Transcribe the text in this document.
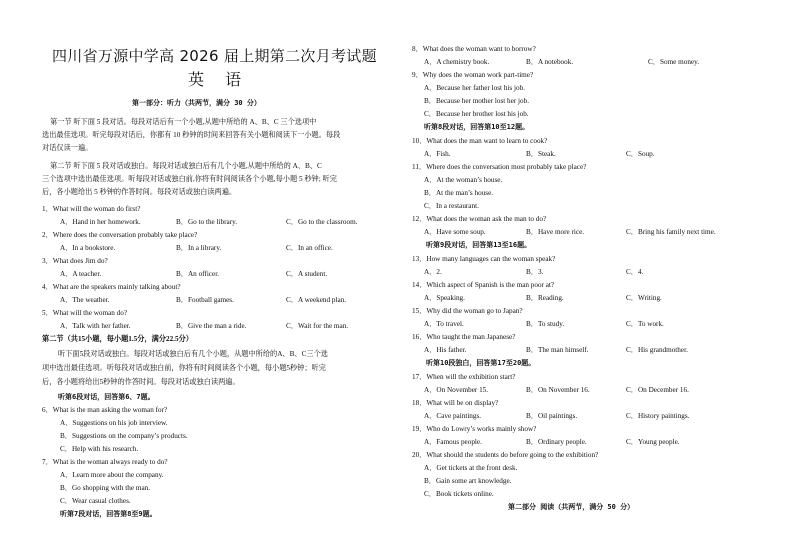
四川省万源中学高 2026 届上期第二次月考试题
英 语
第一部分：听力（共两节，满分 30 分）
第一节 听下面 5 段对话。每段对话后有一个小题,从题中所给的 A、B、C 三个选项中
选出最佳选项。听完每段对话后，你都有 10 秒钟的时间来回答有关小题和阅读下一小题。每段
对话仅读一遍。
第二节 听下面 5 段对话或独白。每段对话或独白后有几个小题,从题中所给的 A、B、C
三个选项中选出最佳选项。听每段对话或独白前,你将有时间阅读各个小题,每小题 5 秒钟; 听完
后，各小题给出 5 秒钟的作答时间。每段对话或独白读两遍。
1．What will the woman do first?
A．Hand in her homework.	B．Go to the library.	C．Go to the classroom.
2．Where does the conversation probably take place?
A．In a bookstore.	B．In a library.	C．In an office.
3．What does Jim do?
A．A teacher.	B．An officer.	C．A student.
4．What are the speakers mainly talking about?
A．The weather.	B．Football games.	C．A weekend plan.
5．What will the woman do?
A．Talk with her father.	B．Give the man a ride.	C．Wait for the man.
第二节（共15小题，每小题1.5分，满分22.5分）
听下面5段对话或独白。每段对话或独白后有几个小题，从题中所给的A、B、C三个选
项中选出最佳选项。听每段对话或独白前，你将有时间阅读各个小题，每小题5秒钟；听完
后，各小题将给出5秒钟的作答时间。每段对话或独白读两遍。
听第6段对话，回答第6、7题。
6．What is the man asking the woman for?
A．Suggestions on his job interview.
B．Suggestions on the company’s products.
C．Help with his research.
7．What is the woman always ready to do?
A．Learn more about the company.
B．Go shopping with the man.
C．Wear casual clothes.
听第7段对话，回答第8至9题。
8．What does the woman want to borrow?
A．A chemistry book.	B．A notebook.	C．Some money.
9．Why does the woman work part-time?
A．Because her father lost his job.
B．Because her mother lost her job.
C．Because her brother lost his job.
听第8段对话，回答第10至12题。
10．What does the man want to learn to cook?
A．Fish.	B．Steak.	C．Soup.
11．Where does the conversation most probably take place?
A．At the woman’s house.
B．At the man’s house.
C．In a restaurant.
12．What does the woman ask the man to do?
A．Have some soup.	B．Have more rice.	C．Bring his family next time.
听第9段对话，回答第13至16题。
13．How many languages can the woman speak?
A．2.	B．3.	C．4.
14．Which aspect of Spanish is the man poor at?
A．Speaking.	B．Reading.	C．Writing.
15．Why did the woman go to Japan?
A．To travel.	B．To study.	C．To work.
16．Who taught the man Japanese?
A．His father.	B．The man himself.	C．His grandmother.
听第10段独白，回答第17至20题。
17．When will the exhibition start?
A．On November 15.	B．On November 16.	C．On December 16.
18．What will be on display?
A．Cave paintings.	B．Oil paintings.	C．History paintings.
19．Who do Lowry’s works mainly show?
A．Famous people.	B．Ordinary people.	C．Young people.
20．What should the students do before going to the exhibition?
A．Get tickets at the front desk.
B．Gain some art knowledge.
C．Book tickets online.
第二部分 阅读（共两节，满分 50 分）
